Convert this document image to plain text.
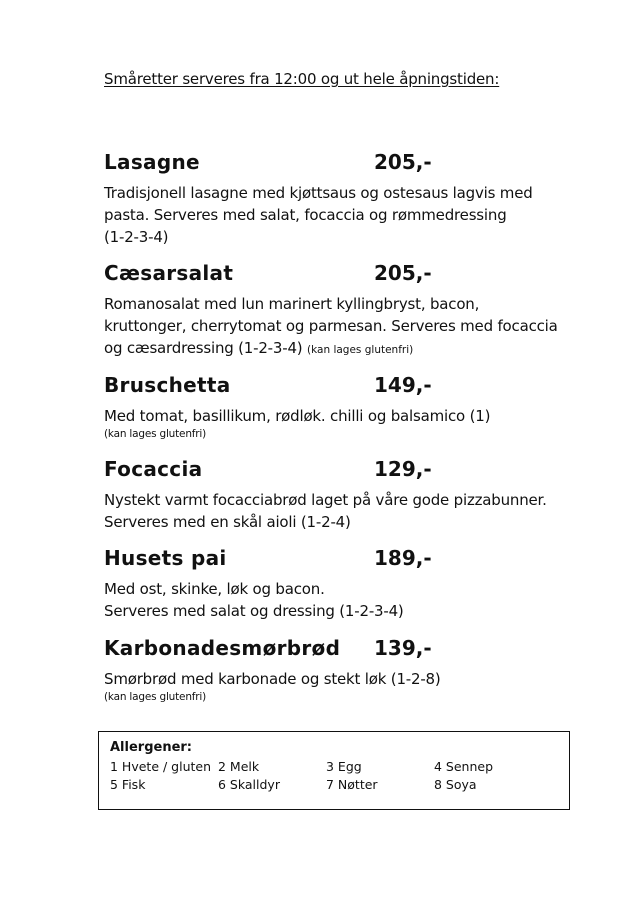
Småretter serveres fra 12:00 og ut hele åpningstiden:
Lasagne	205,-
Tradisjonell lasagne med kjøttsaus og ostesaus lagvis med
pasta. Serveres med salat, focaccia og rømmedressing
(1-2-3-4)
Cæsarsalat	205,-
Romanosalat med lun marinert kyllingbryst, bacon,
kruttonger, cherrytomat og parmesan. Serveres med focaccia
og cæsardressing (1-2-3-4) (kan lages glutenfri)
Bruschetta	149,-
Med tomat, basillikum, rødløk. chilli og balsamico (1)
(kan lages glutenfri)
Focaccia	129,-
Nystekt varmt focacciabrød laget på våre gode pizzabunner.
Serveres med en skål aioli (1-2-4)
Husets pai	189,-
Med ost, skinke, løk og bacon.
Serveres med salat og dressing (1-2-3-4)
Karbonadesmørbrød 139,-
Smørbrød med karbonade og stekt løk (1-2-8)
(kan lages glutenfri)
Allergener:
1 Hvete / gluten 2 Melk	3 Egg	4 Sennep
5 Fisk	6 Skalldyr	7 Nøtter	8 Soya
